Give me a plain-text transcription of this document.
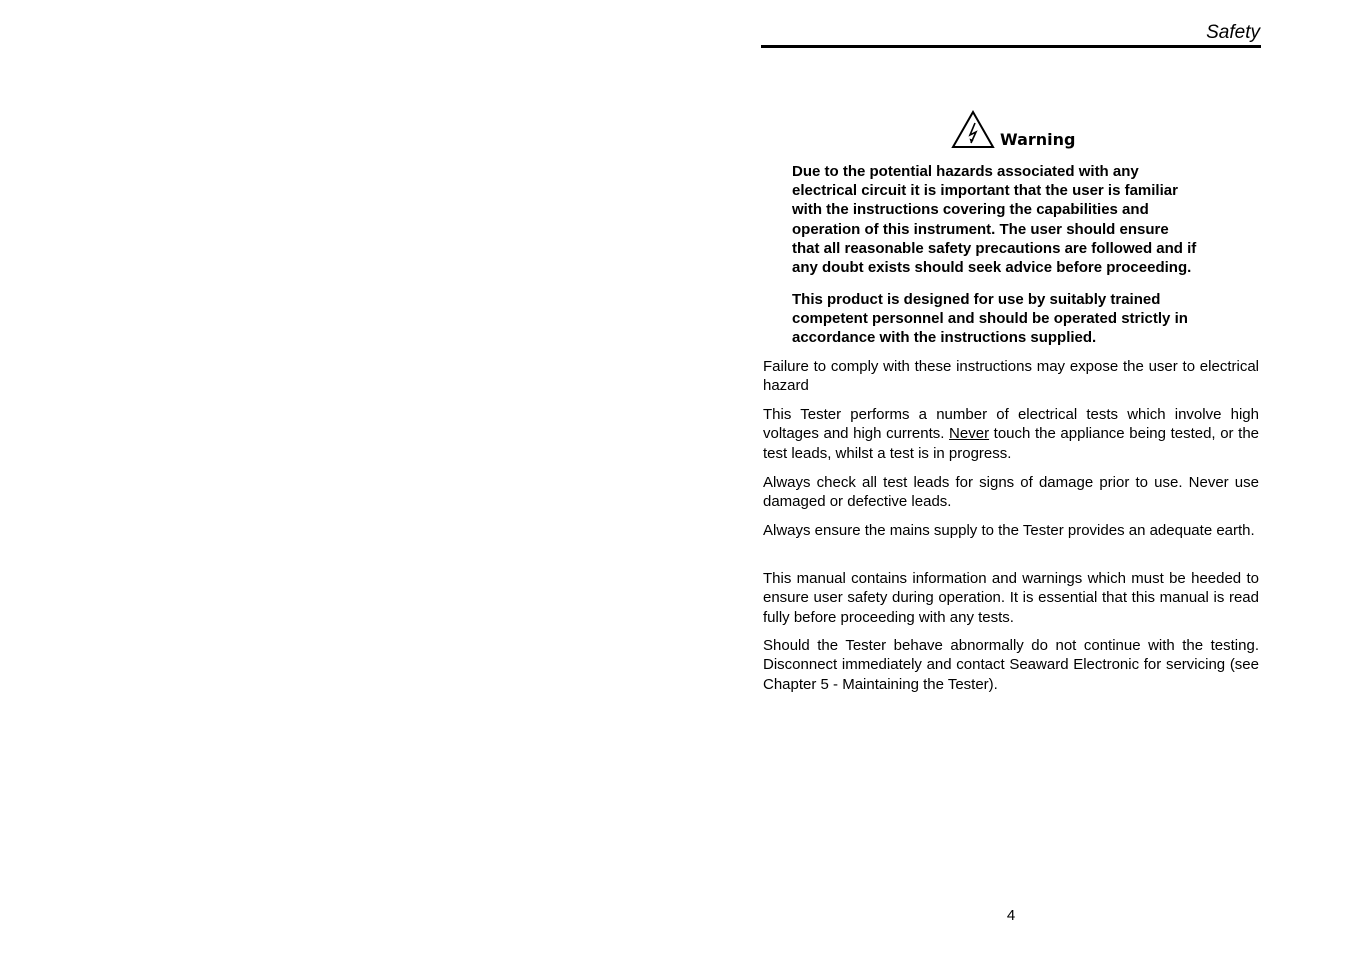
Safety
Warning
Due to the potential hazards associated with any
electrical circuit it is important that the user is familiar
with the instructions covering the capabilities and
operation of this instrument. The user should ensure
that all reasonable safety precautions are followed and if
any doubt exists should seek advice before proceeding.
This product is designed for use by suitably trained
competent personnel and should be operated strictly in
accordance with the instructions supplied.

Failure to comply with these instructions may expose the user to electrical hazard

This Tester performs a number of electrical tests which involve high voltages and high currents. Never touch the appliance being tested, or the test leads, whilst a test is in progress.

Always check all test leads for signs of damage prior to use. Never use damaged or defective leads.

Always ensure the mains supply to the Tester provides an adequate earth.

This manual contains information and warnings which must be heeded to ensure user safety during operation. It is essential that this manual is read fully before proceeding with any tests.

Should the Tester behave abnormally do not continue with the testing. Disconnect immediately and contact Seaward Electronic for servicing (see Chapter 5 - Maintaining the Tester).

4
